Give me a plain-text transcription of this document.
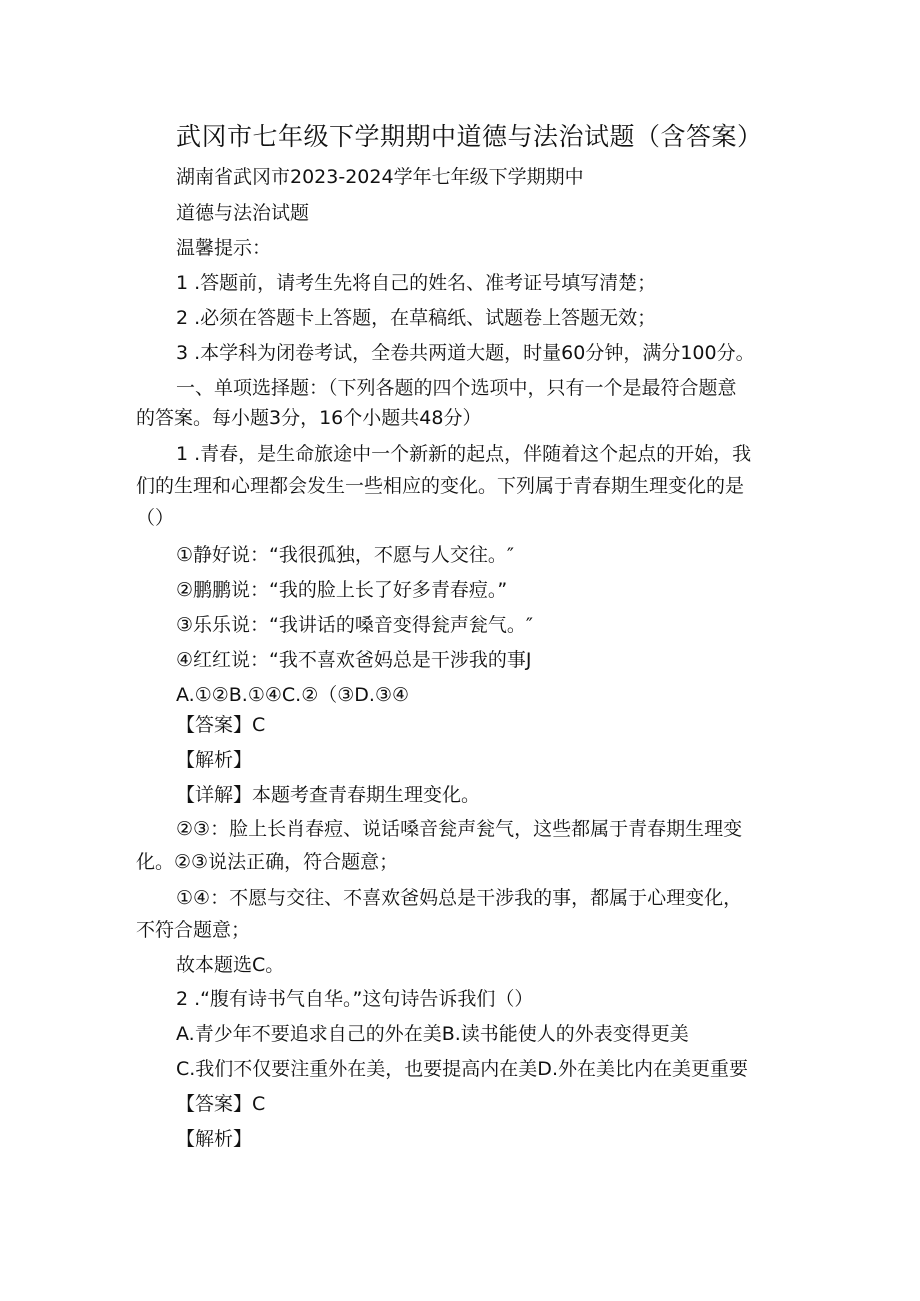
武冈市七年级下学期期中道德与法治试题（含答案）
湖南省武冈市2023-2024学年七年级下学期期中
道德与法治试题
温馨提示：
1 .答题前，请考生先将自己的姓名、准考证号填写清楚；
2 .必须在答题卡上答题，在草稿纸、试题卷上答题无效；
3 .本学科为闭卷考试，全卷共两道大题，时量60分钟，满分100分。
一、单项选择题：（下列各题的四个选项中，只有一个是最符合题意
的答案。每小题3分，16个小题共48分）
1 .青春，是生命旅途中一个新新的起点，伴随着这个起点的开始，我
们的生理和心理都会发生一些相应的变化。下列属于青春期生理变化的是
（）
①静好说：“我很孤独，不愿与人交往。″
②鹏鹏说：“我的脸上长了好多青春痘。”
③乐乐说：“我讲话的嗓音变得瓮声瓮气。″
④红红说：“我不喜欢爸妈总是干涉我的事J
A.①②B.①④C.②（③D.③④
【答案】C
【解析】
【详解】本题考查青春期生理变化。
②③：脸上长肖春痘、说话嗓音瓮声瓮气，这些都属于青春期生理变
化。②③说法正确，符合题意；
①④：不愿与交往、不喜欢爸妈总是干涉我的事，都属于心理变化，
不符合题意；
故本题选C。
2 .“腹有诗书气自华。”这句诗告诉我们（）
A.青少年不要追求自己的外在美B.读书能使人的外表变得更美
C.我们不仅要注重外在美，也要提高内在美D.外在美比内在美更重要
【答案】C
【解析】
